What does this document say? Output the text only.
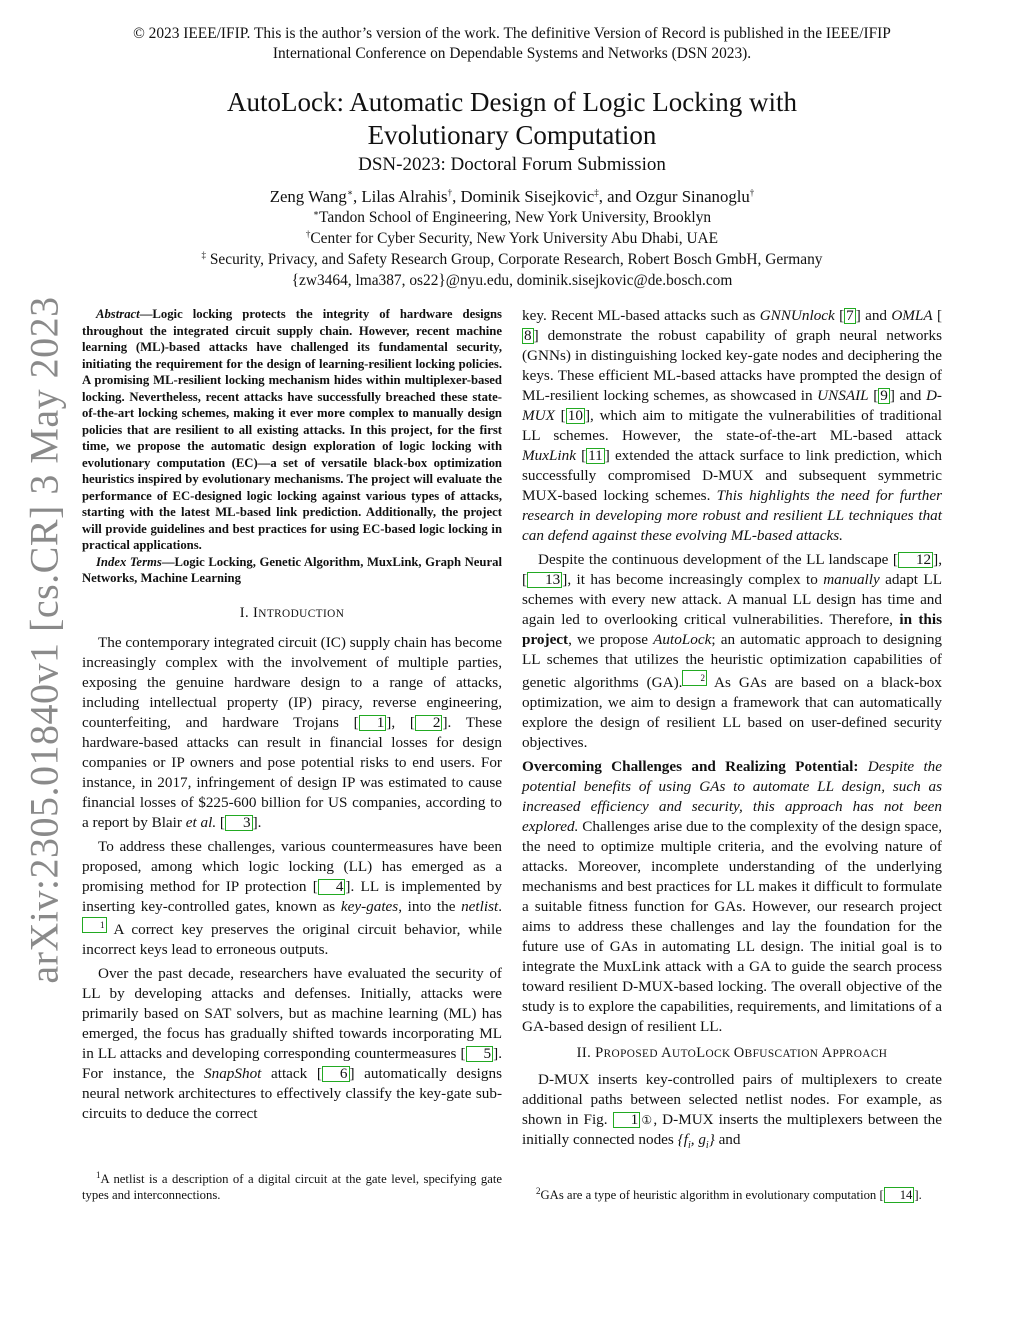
© 2023 IEEE/IFIP. This is the author’s version of the work. The definitive Version of Record is published in the IEEE/IFIP
International Conference on Dependable Systems and Networks (DSN 2023).
AutoLock: Automatic Design of Logic Locking with
Evolutionary Computation
DSN-2023: Doctoral Forum Submission
Zeng Wang∗, Lilas Alrahis†, Dominik Sisejkovic‡, and Ozgur Sinanoglu†
∗Tandon School of Engineering, New York University, Brooklyn
†Center for Cyber Security, New York University Abu Dhabi, UAE
‡ Security, Privacy, and Safety Research Group, Corporate Research, Robert Bosch GmbH, Germany
{zw3464, lma387, os22}@nyu.edu, dominik.sisejkovic@de.bosch.com
arXiv:2305.01840v1 [cs.CR] 3 May 2023	Abstract—Logic locking protects the integrity of hardware designs throughout the integrated circuit supply chain. However, recent machine learning (ML)-based attacks have challenged its fundamental security, initiating the requirement for the design of learning-resilient locking policies. A promising ML-resilient locking mechanism hides within multiplexer-based locking. Nevertheless, recent attacks have successfully breached these state-of-the-art locking schemes, making it ever more complex to manually design policies that are resilient to all existing attacks. In this project, for the first time, we propose the automatic design exploration of logic locking with evolutionary computation (EC)—a set of versatile black-box optimization heuristics inspired by evolutionary mechanisms. The project will evaluate the performance of EC-designed logic locking against various types of attacks, starting with the latest ML-based link prediction. Additionally, the project will provide guidelines and best practices for using EC-based logic locking in practical applications.

Index Terms—Logic Locking, Genetic Algorithm, MuxLink, Graph Neural Networks, Machine Learning

I. INTRODUCTION

The contemporary integrated circuit (IC) supply chain has become increasingly complex with the involvement of multiple parties, exposing the genuine hardware design to a range of attacks, including intellectual property (IP) piracy, reverse engineering, counterfeiting, and hardware Trojans [ 1 ], [ 2 ]. These hardware-based attacks can result in financial losses for design companies or IP owners and pose potential risks to end users. For instance, in 2017, infringement of design IP was estimated to cause financial losses of $225-600 billion for US companies, according to a report by Blair et al. [ 3 ].

To address these challenges, various countermeasures have been proposed, among which logic locking (LL) has emerged as a promising method for IP protection [ 4 ]. LL is implemented by inserting key-controlled gates, known as key-gates, into the netlist.$^1$ A correct key preserves the original circuit behavior, while incorrect keys lead to erroneous outputs.

Over the past decade, researchers have evaluated the security of LL by developing attacks and defenses. Initially, attacks were primarily based on SAT solvers, but as machine learning (ML) has emerged, the focus has gradually shifted towards incorporating ML in LL attacks and developing corresponding countermeasures [ 5 ]. For instance, the SnapShot attack [ 6 ] automatically designs neural network architectures to effectively classify the key-gate sub-circuits to deduce the correct

key. Recent ML-based attacks such as GNNUnlock [ 7 ] and OMLA [8 ] demonstrate the robust capability of graph neural networks (GNNs) in distinguishing locked key-gate nodes and deciphering the keys. These efficient ML-based attacks have prompted the design of ML-resilient locking schemes, as showcased in UNSAIL [ 9 ] and D-MUX [ 10 ], which aim to mitigate the vulnerabilities of traditional LL schemes. However, the state-of-the-art ML-based attack MuxLink [ 11 ] extended the attack surface to link prediction, which successfully compromised D-MUX and subsequent symmetric MUX-based locking schemes. This highlights the need for further research in developing more robust and resilient LL techniques that can defend against these evolving ML-based attacks.

Despite the continuous development of the LL landscape [ 12 ], [ 13 ], it has become increasingly complex to manually adapt LL schemes with every new attack. A manual LL design has time and again led to overlooking critical vulnerabilities. Therefore, in this project, we propose AutoLock; an automatic approach to designing LL schemes that utilizes the heuristic optimization capabilities of genetic algorithms (GA). $^2$ As GAs are based on a black-box optimization, we aim to design a framework that can automatically explore the design of resilient LL based on user-defined security objectives.

Overcoming Challenges and Realizing Potential: Despite the potential benefits of using GAs to automate LL design, such as increased efficiency and security, this approach has not been explored. Challenges arise due to the complexity of the design space, the need to optimize multiple criteria, and the evolving nature of attacks. Moreover, incomplete understanding of the underlying mechanisms and best practices for LL makes it difficult to formulate a suitable fitness function for GAs. However, our research project aims to address these challenges and lay the foundation for the future use of GAs in automating LL design. The initial goal is to integrate the MuxLink attack with a GA to guide the search process toward resilient D-MUX-based locking. The overall objective of the study is to explore the capabilities, requirements, and limitations of a GA-based design of resilient LL.

II. PROPOSED AUTOLOCK OBFUSCATION APPROACH

D-MUX inserts key-controlled pairs of multiplexers to create additional paths between selected netlist nodes. For example, as shown in Fig. 1 ①, D-MUX inserts the multiplexers between the initially connected nodes {$f_i$, $g_i$} and

$^1$A netlist is a description of a digital circuit at the gate level, specifying gate types and interconnections.	$^2$GAs are a type of heuristic algorithm in evolutionary computation [ 14 ].
